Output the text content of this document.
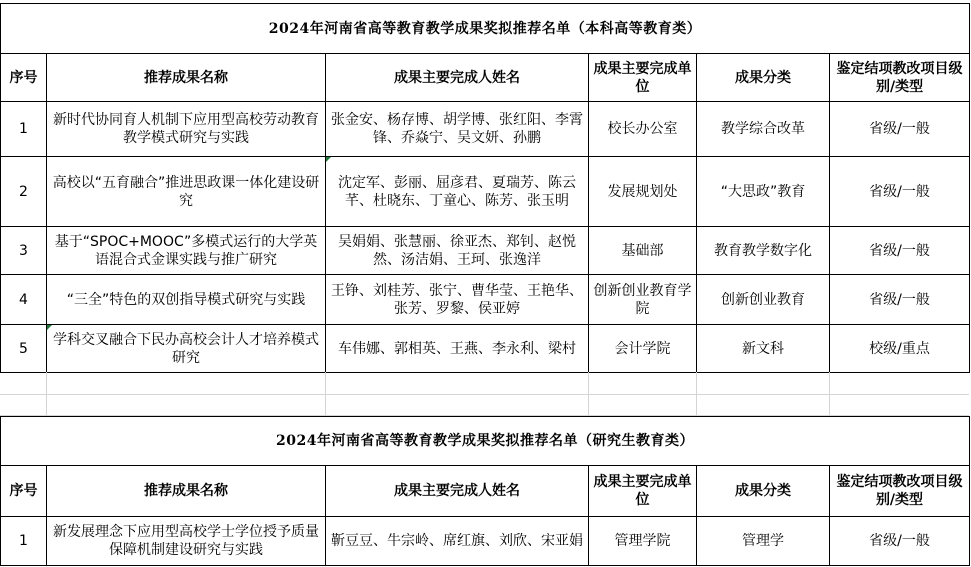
2024年河南省高等教育教学成果奖拟推荐名单（本科高等教育类）					
序号	推荐成果名称	成果主要完成人姓名	成果主要完成单位	成果分类	鉴定结项教改项目级别/类型
1	新时代协同育人机制下应用型高校劳动教育教学模式研究与实践	张金安、杨存博、胡学博、张红阳、李霄锋、乔焱宁、吴文妍、孙鹏	校长办公室	教学综合改革	省级/一般
2	高校以“五育融合”推进思政课一体化建设研究	沈定军、彭丽、屈彦君、夏瑞芳、陈云芊、杜晓东、丁童心、陈芳、张玉明	发展规划处	“大思政”教育	省级/一般
3	基于“SPOC+MOOC”多模式运行的大学英语混合式金课实践与推广研究	吴娟娟、张慧丽、徐亚杰、郑钊、赵悦然、汤洁娟、王珂、张逸洋	基础部	教育教学数字化	省级/一般
4	“三全”特色的双创指导模式研究与实践	王铮、刘桂芳、张宁、曹华莹、王艳华、张芳、罗黎、侯亚婷	创新创业教育学院	创新创业教育	省级/一般
5	学科交叉融合下民办高校会计人才培养模式研究	车伟娜、郭相英、王燕、李永利、梁村	会计学院	新文科	校级/重点
2024年河南省高等教育教学成果奖拟推荐名单（研究生教育类）					
序号	推荐成果名称	成果主要完成人姓名	成果主要完成单位	成果分类	鉴定结项教改项目级别/类型
1	新发展理念下应用型高校学士学位授予质量保障机制建设研究与实践	靳豆豆、牛宗岭、席红旗、刘欣、宋亚娟	管理学院	管理学	省级/一般
